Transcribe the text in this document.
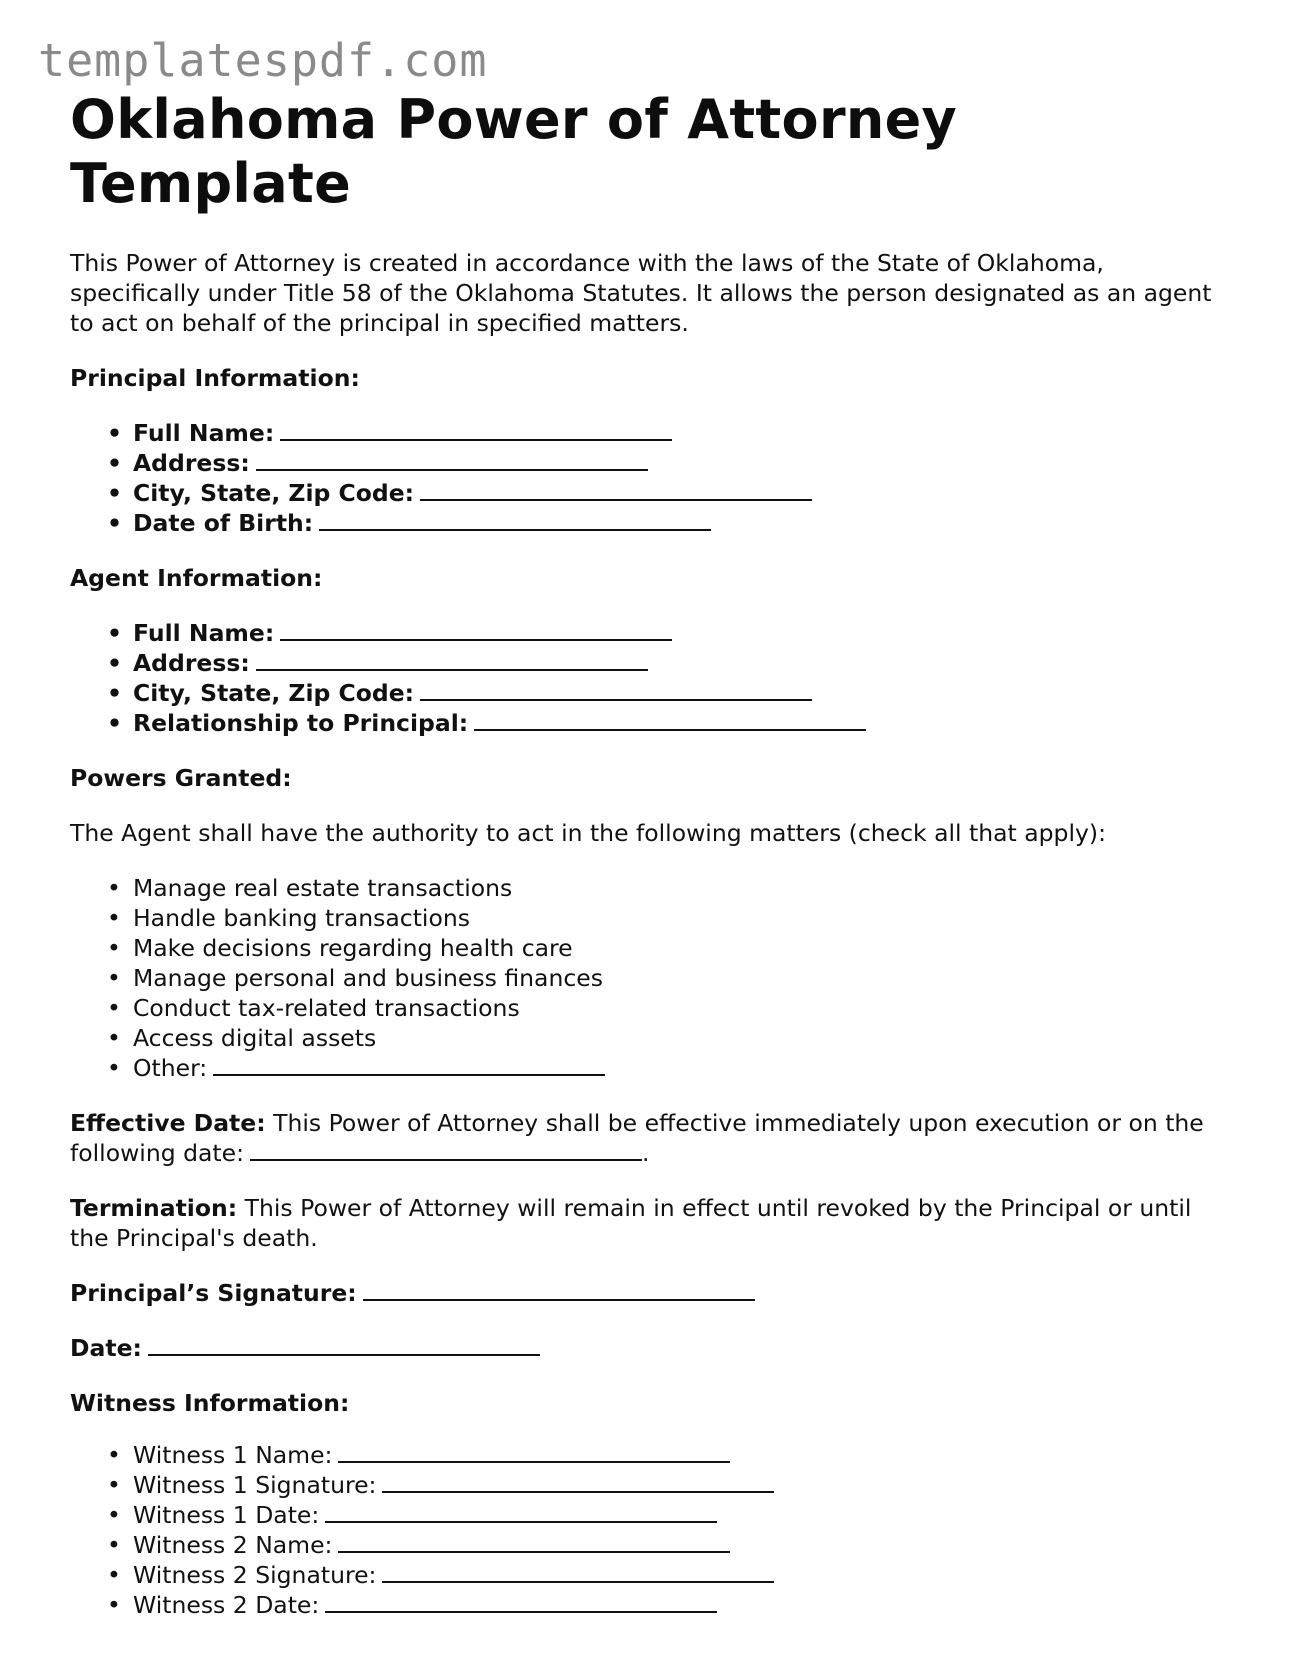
templatespdf.com
Oklahoma Power of Attorney Template

This Power of Attorney is created in accordance with the laws of the State of Oklahoma, specifically under Title 58 of the Oklahoma Statutes. It allows the person designated as an agent to act on behalf of the principal in specified matters.

Principal Information:
• Full Name:
• Address:
• City, State, Zip Code:
• Date of Birth:
Agent Information:
• Full Name:
• Address:
• City, State, Zip Code:
• Relationship to Principal:
Powers Granted:

The Agent shall have the authority to act in the following matters (check all that apply):

• Manage real estate transactions
• Handle banking transactions
• Make decisions regarding health care
• Manage personal and business finances
• Conduct tax-related transactions
• Access digital assets
• Other:

Effective Date: This Power of Attorney shall be effective immediately upon execution or on the following date:	.

Termination: This Power of Attorney will remain in effect until revoked by the Principal or until the Principal's death.

Principal’s Signature:
Date:
Witness Information:
• Witness 1 Name:
• Witness 1 Signature:
• Witness 1 Date:
• Witness 2 Name:
• Witness 2 Signature:
• Witness 2 Date:
